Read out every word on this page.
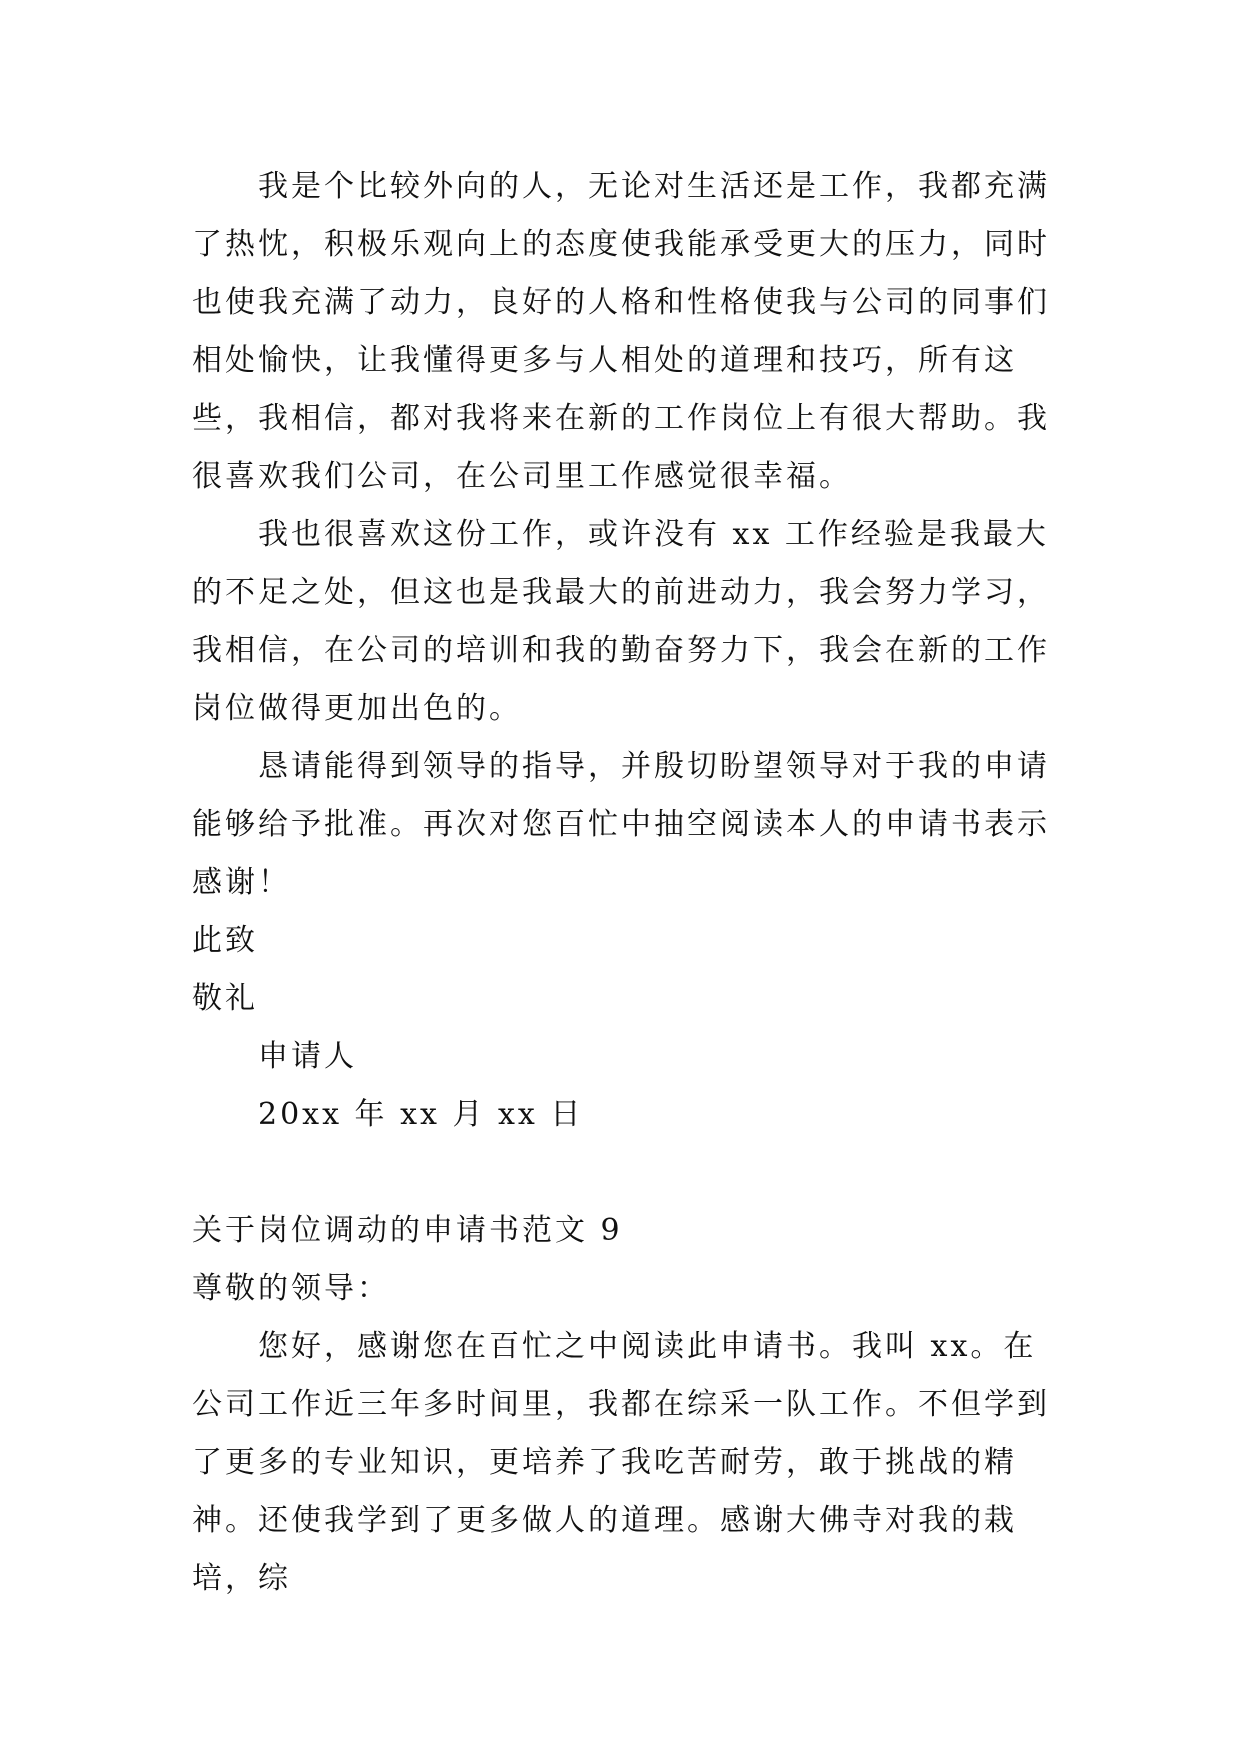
我是个比较外向的人，无论对生活还是工作，我都充满了热忱，积极乐观向上的态度使我能承受更大的压力，同时也使我充满了动力，良好的人格和性格使我与公司的同事们相处愉快，让我懂得更多与人相处的道理和技巧，所有这些，我相信，都对我将来在新的工作岗位上有很大帮助。我很喜欢我们公司，在公司里工作感觉很幸福。

我也很喜欢这份工作，或许没有 xx 工作经验是我最大的不足之处，但这也是我最大的前进动力，我会努力学习，我相信，在公司的培训和我的勤奋努力下，我会在新的工作岗位做得更加出色的。

恳请能得到领导的指导，并殷切盼望领导对于我的申请能够给予批准。再次对您百忙中抽空阅读本人的申请书表示感谢！

此致

敬礼

申请人

20xx 年 xx 月 xx 日

关于岗位调动的申请书范文 9

尊敬的领导：

您好，感谢您在百忙之中阅读此申请书。我叫 xx。在公司工作近三年多时间里，我都在综采一队工作。不但学到了更多的专业知识，更培养了我吃苦耐劳，敢于挑战的精神。还使我学到了更多做人的道理。感谢大佛寺对我的栽培，综
